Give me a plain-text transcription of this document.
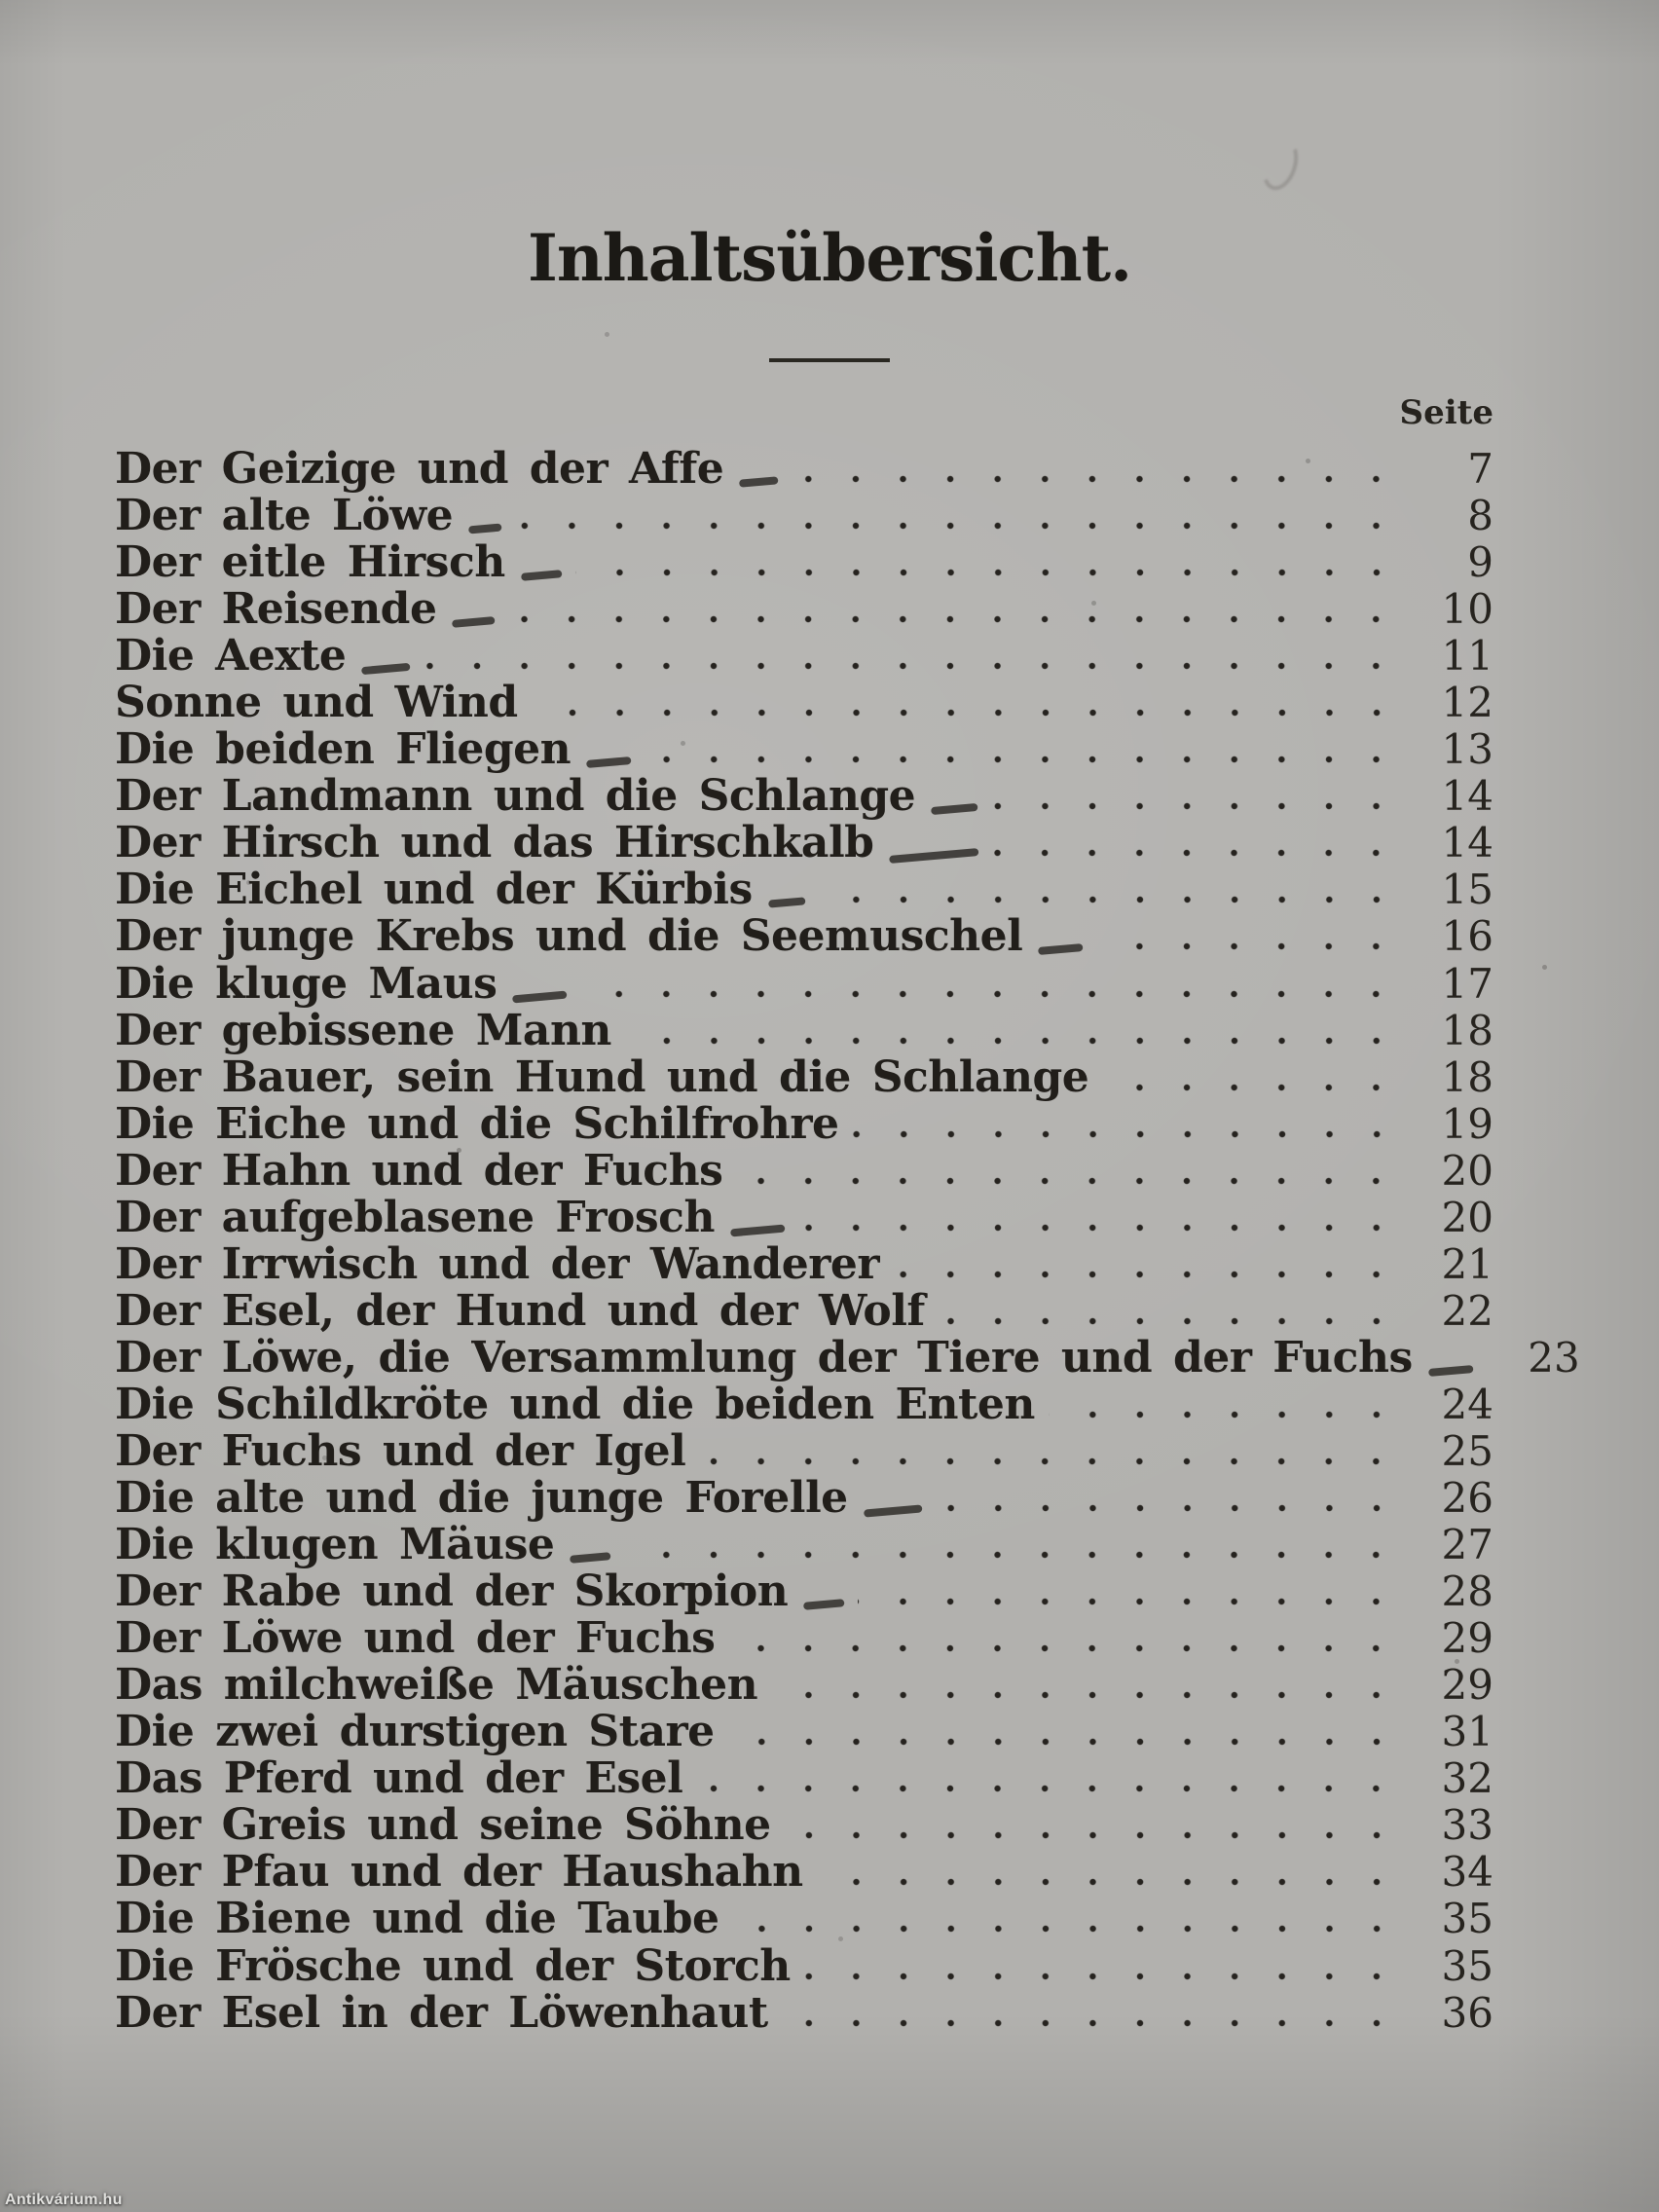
Inhaltsübersicht.
Seite
Der Geizige und der Affe	7
Der alte Löwe	8
Der eitle Hirsch	9
Der Reisende	10
Die Aexte	11
Sonne und Wind	12
Die beiden Fliegen	13
Der Landmann und die Schlange	14
Der Hirsch und das Hirschkalb	14
Die Eichel und der Kürbis	15
Der junge Krebs und die Seemuschel	16
Die kluge Maus	17
Der gebissene Mann	18
Der Bauer, sein Hund und die Schlange	18
Die Eiche und die Schilfrohre	19
Der Hahn und der Fuchs	20
Der aufgeblasene Frosch	20
Der Irrwisch und der Wanderer	21
Der Esel, der Hund und der Wolf	22
Der Löwe, die Versammlung der Tiere und der Fuchs	23
Die Schildkröte und die beiden Enten	24
Der Fuchs und der Igel	25
Die alte und die junge Forelle	26
Die klugen Mäuse	27
Der Rabe und der Skorpion	28
Der Löwe und der Fuchs	29
Das milchweiße Mäuschen	29
Die zwei durstigen Stare	31
Das Pferd und der Esel	32
Der Greis und seine Söhne	33
Der Pfau und der Haushahn	34
Die Biene und die Taube	35
Die Frösche und der Storch	35
Der Esel in der Löwenhaut	36
Antikvárium.hu
